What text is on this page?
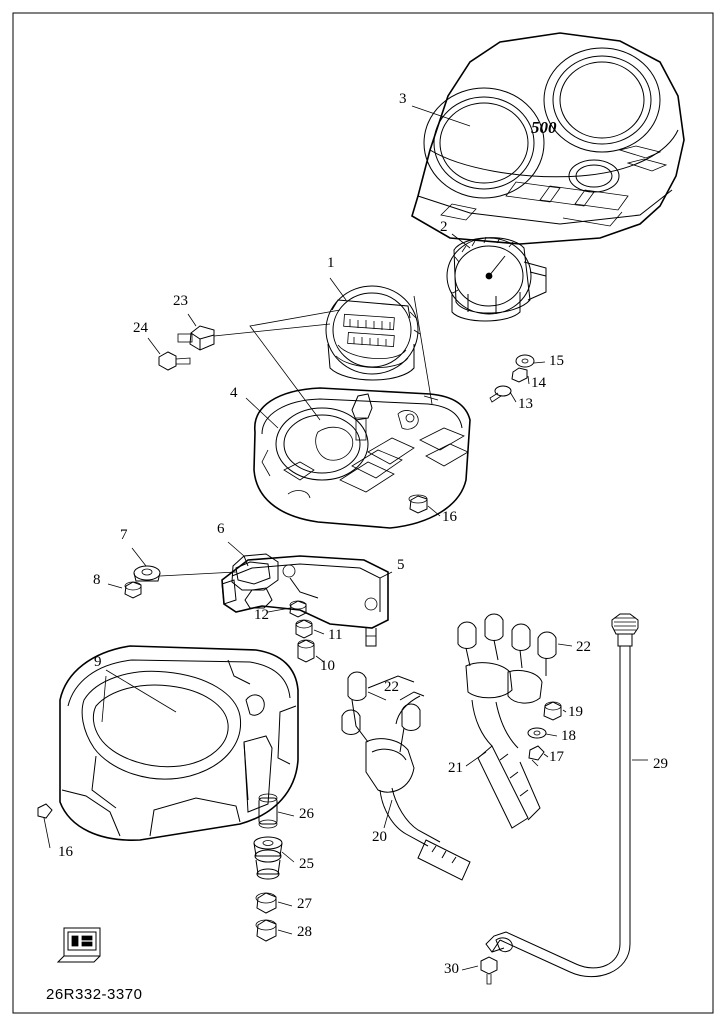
500
1
2
3
4
5
6
7
8
9	10
11
12
13
14
15
16
16
17
18
19
20
21
22
22
23
24
25
26
27
28
29
30
26R332-3370
